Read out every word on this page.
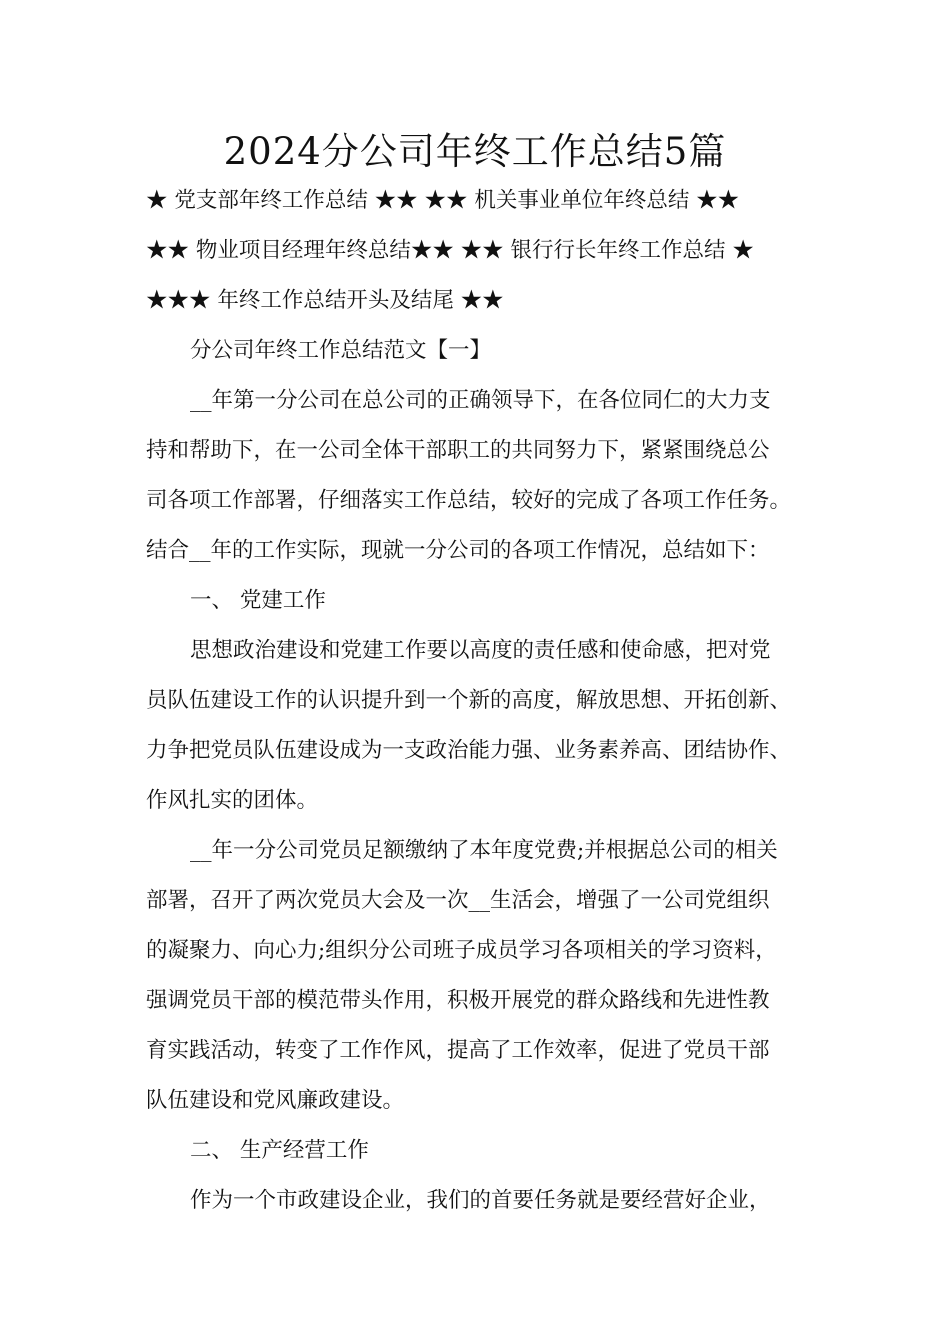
2024分公司年终工作总结5篇
★ 党支部年终工作总结 ★★ ★★ 机关事业单位年终总结 ★★
★★ 物业项目经理年终总结★★ ★★ 银行行长年终工作总结 ★
★★★ 年终工作总结开头及结尾 ★★
分公司年终工作总结范文【一】
__年第一分公司在总公司的正确领导下，在各位同仁的大力支
持和帮助下，在一公司全体干部职工的共同努力下，紧紧围绕总公
司各项工作部署，仔细落实工作总结，较好的完成了各项工作任务。
结合__年的工作实际，现就一分公司的各项工作情况，总结如下：
一、 党建工作
思想政治建设和党建工作要以高度的责任感和使命感，把对党
员队伍建设工作的认识提升到一个新的高度，解放思想、开拓创新、
力争把党员队伍建设成为一支政治能力强、业务素养高、团结协作、
作风扎实的团体。
__年一分公司党员足额缴纳了本年度党费;并根据总公司的相关
部署，召开了两次党员大会及一次__生活会，增强了一公司党组织
的凝聚力、向心力;组织分公司班子成员学习各项相关的学习资料，
强调党员干部的模范带头作用，积极开展党的群众路线和先进性教
育实践活动，转变了工作作风，提高了工作效率，促进了党员干部
队伍建设和党风廉政建设。
二、 生产经营工作
作为一个市政建设企业，我们的首要任务就是要经营好企业，
